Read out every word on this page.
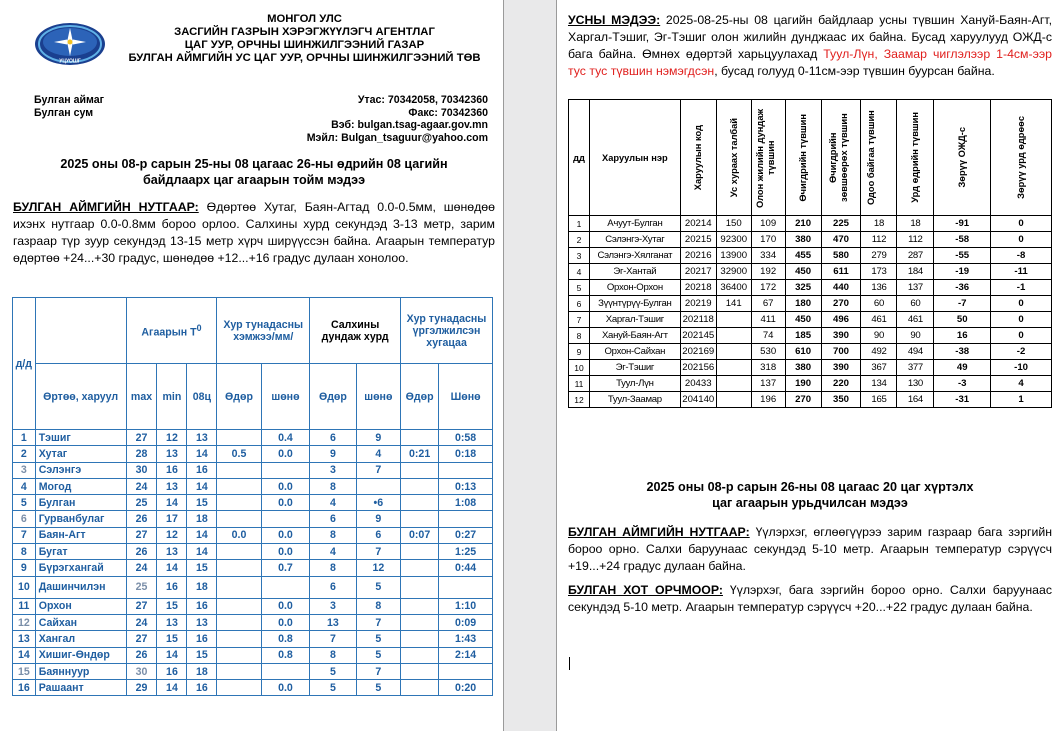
УЦУОШГ
МОНГОЛ УЛС
ЗАСГИЙН ГАЗРЫН ХЭРЭГЖҮҮЛЭГЧ АГЕНТЛАГ
ЦАГ УУР, ОРЧНЫ ШИНЖИЛГЭЭНИЙ ГАЗАР
БУЛГАН АЙМГИЙН УС ЦАГ УУР, ОРЧНЫ ШИНЖИЛГЭЭНИЙ ТӨВ
Булган аймаг
Булган сум
Утас: 70342058, 70342360
Факс: 70342360
Вэб: bulgan.tsag-agaar.gov.mn
Мэйл: Bulgan_tsaguur@yahoo.com
2025 оны 08-р сарын 25-ны 08 цагаас 26-ны өдрийн 08 цагийн
байдлаарх цаг агаарын тойм мэдээ
БУЛГАН АЙМГИЙН НУТГААР: Өдөртөө Хутаг, Баян-Агтад 0.0-0.5мм, шөнөдөө ихэнх нутгаар 0.0-0.8мм бороо орлоо. Салхины хурд секундэд 3-13 метр, зарим газраар түр зуур секундэд 13-15 метр хүрч ширүүссэн байна. Агаарын температур өдөртөө +24...+30 градус, шөнөдөө +12...+16 градус дулаан хонолоо.
д/д		Агаарын $Т^0$			Хур тунадасны хэмжээ/мм/		Салхины дундаж хурд		Хур тунадасны үргэлжилсэн хугацаа	
	Өртөө, харуул	max	min	08ц	Өдөр	шөнө	Өдөр	шөнө	Өдөр	Шөнө
1	Тэшиг	27	12	13		0.4	6	9		0:58
2	Хутаг	28	13	14	0.5	0.0	9	4	0:21	0:18
3	Сэлэнгэ	30	16	16			3	7		
4	Могод	24	13	14		0.0	8			0:13
5	Булган	25	14	15		0.0	4	•6		1:08
6	Гурванбулаг	26	17	18			6	9		
7	Баян-Агт	27	12	14	0.0	0.0	8	6	0:07	0:27
8	Бугат	26	13	14		0.0	4	7		1:25
9	Бүрэгхангай	24	14	15		0.7	8	12		0:44
10	Дашинчилэн	25	16	18			6	5		
11	Орхон	27	15	16		0.0	3	8		1:10
12	Сайхан	24	13	13		0.0	13	7		0:09
13	Хангал	27	15	16		0.8	7	5		1:43
14	Хишиг-Өндөр	26	14	15		0.8	8	5		2:14
15	Баяннуур	30	16	18			5	7		
16	Рашаант	29	14	16		0.0	5	5		0:20
УСНЫ МЭДЭЭ: 2025-08-25-ны 08 цагийн байдлаар усны түвшин Хануй-Баян-Агт, Харгал-Тэшиг, Эг-Тэшиг олон жилийн дунджаас их байна. Бусад харуулууд ОЖД-с бага байна. Өмнөх өдөртэй харьцуулахад Туул-Лүн, Заамар чиглэлээр 1-4см-ээр тус тус түвшин нэмэгдсэн, бусад голууд 0-11см-ээр түвшин буурсан байна.
дд	Харуулын нэр	Харуулын код	Ус хураах талбай	Олон жилийн дундаж түвшин	Өчигдрийн түвшин	Өчигдрийн зөвшөөрөх түвшин	Одоо байгаа түвшин	Урд өдрийн түвшин	Зөрүү ОЖД-с	Зөрүү урд өдрөөс

1	Ачуут-Булган	20214	150	109	210	225	18	18	-91	0
2	Сэлэнгэ-Хутаг	20215	92300	170	380	470	112	112	-58	0
3	Сэлэнгэ-Хялганат	20216	13900	334	455	580	279	287	-55	-8
4	Эг-Хантай	20217	32900	192	450	611	173	184	-19	-11
5	Орхон-Орхон	20218	36400	172	325	440	136	137	-36	-1
6	Зүүнтүрүү-Булган	20219	141	67	180	270	60	60	-7	0
7	Харгал-Тэшиг	202118		411	450	496	461	461	50	0
8	Хануй-Баян-Агт	202145		74	185	390	90	90	16	0
9	Орхон-Сайхан	202169		530	610	700	492	494	-38	-2
10	Эг-Тэшиг	202156		318	380	390	367	377	49	-10
11	Туул-Лүн	20433		137	190	220	134	130	-3	4
12	Туул-Заамар	204140		196	270	350	165	164	-31	1
2025 оны 08-р сарын 26-ны 08 цагаас 20 цаг хүртэлх
цаг агаарын урьдчилсан мэдээ
БУЛГАН АЙМГИЙН НУТГААР: Үүлэрхэг, өглөөгүүрээ зарим газраар бага зэргийн бороо орно. Салхи баруунаас секундэд 5-10 метр. Агаарын температур сэрүүсч +19...+24 градус дулаан байна.
БУЛГАН ХОТ ОРЧМООР: Үүлэрхэг, бага зэргийн бороо орно. Салхи баруунаас секундэд 5-10 метр. Агаарын температур сэрүүсч +20...+22 градус дулаан байна.
